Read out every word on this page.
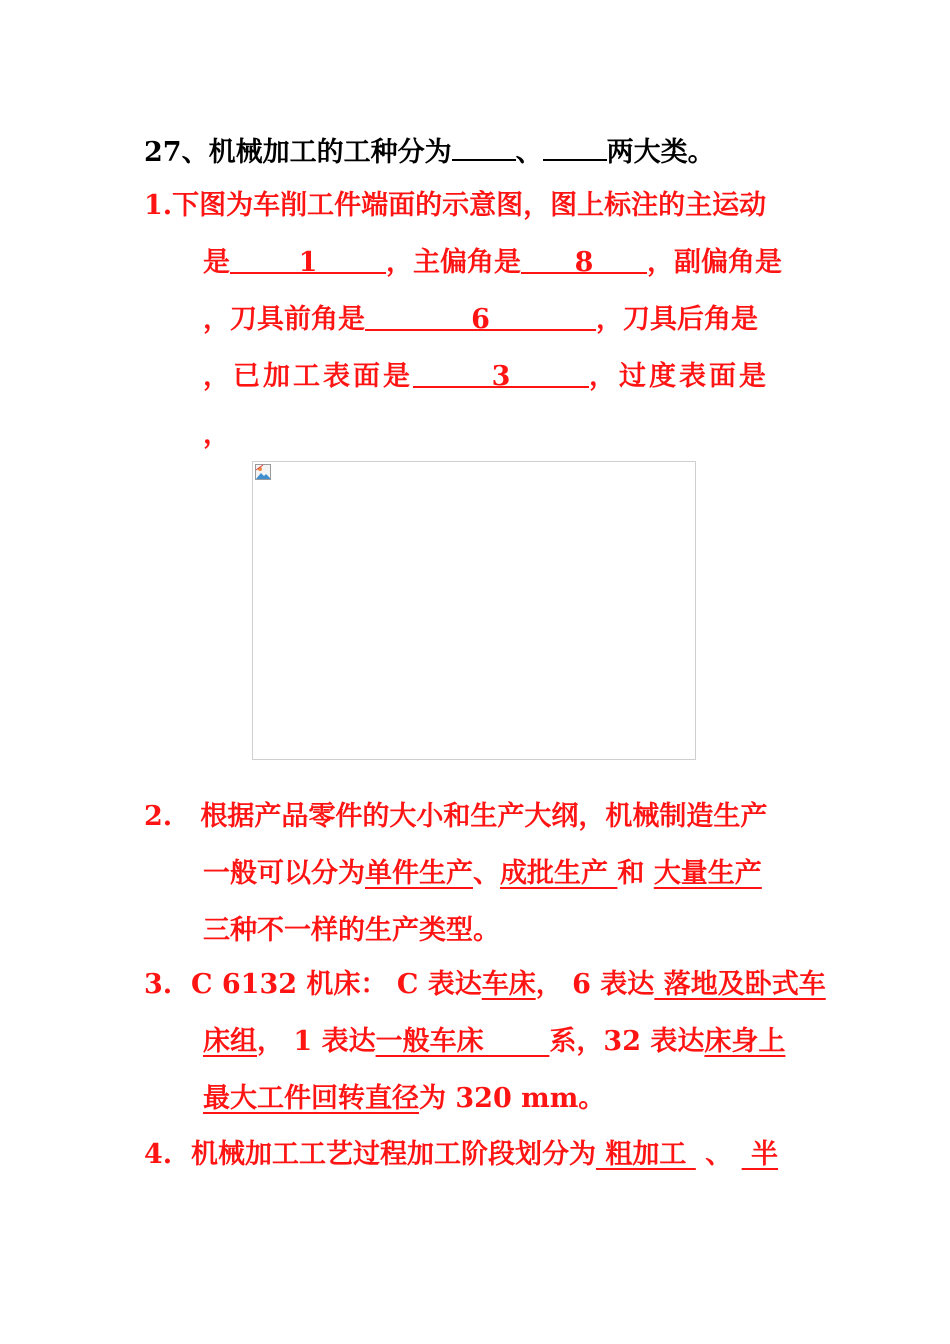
27、机械加工的工种分为 、 两大类。
1.下图为车削工件端面的示意图，图上标注的主运动
是	1	，主偏角是 8 ，副偏角是
，刀具前角是	6	，刀具后角是
，已加工表面是	3	，过度表面是
，
2.   根据产品零件的大小和生产大纲，机械制造生产
一般可以分为单件生产、成批生产 和 大量生产
三种不一样的生产类型。
3.  C 6132 机床： C 表达车床， 6 表达 落地及卧式车
床组， 1 表达一般车床       系，32 表达床身上
最大工件回转直径为 320 mm。
4.  机械加工工艺过程加工阶段划分为 粗加工  、  半
